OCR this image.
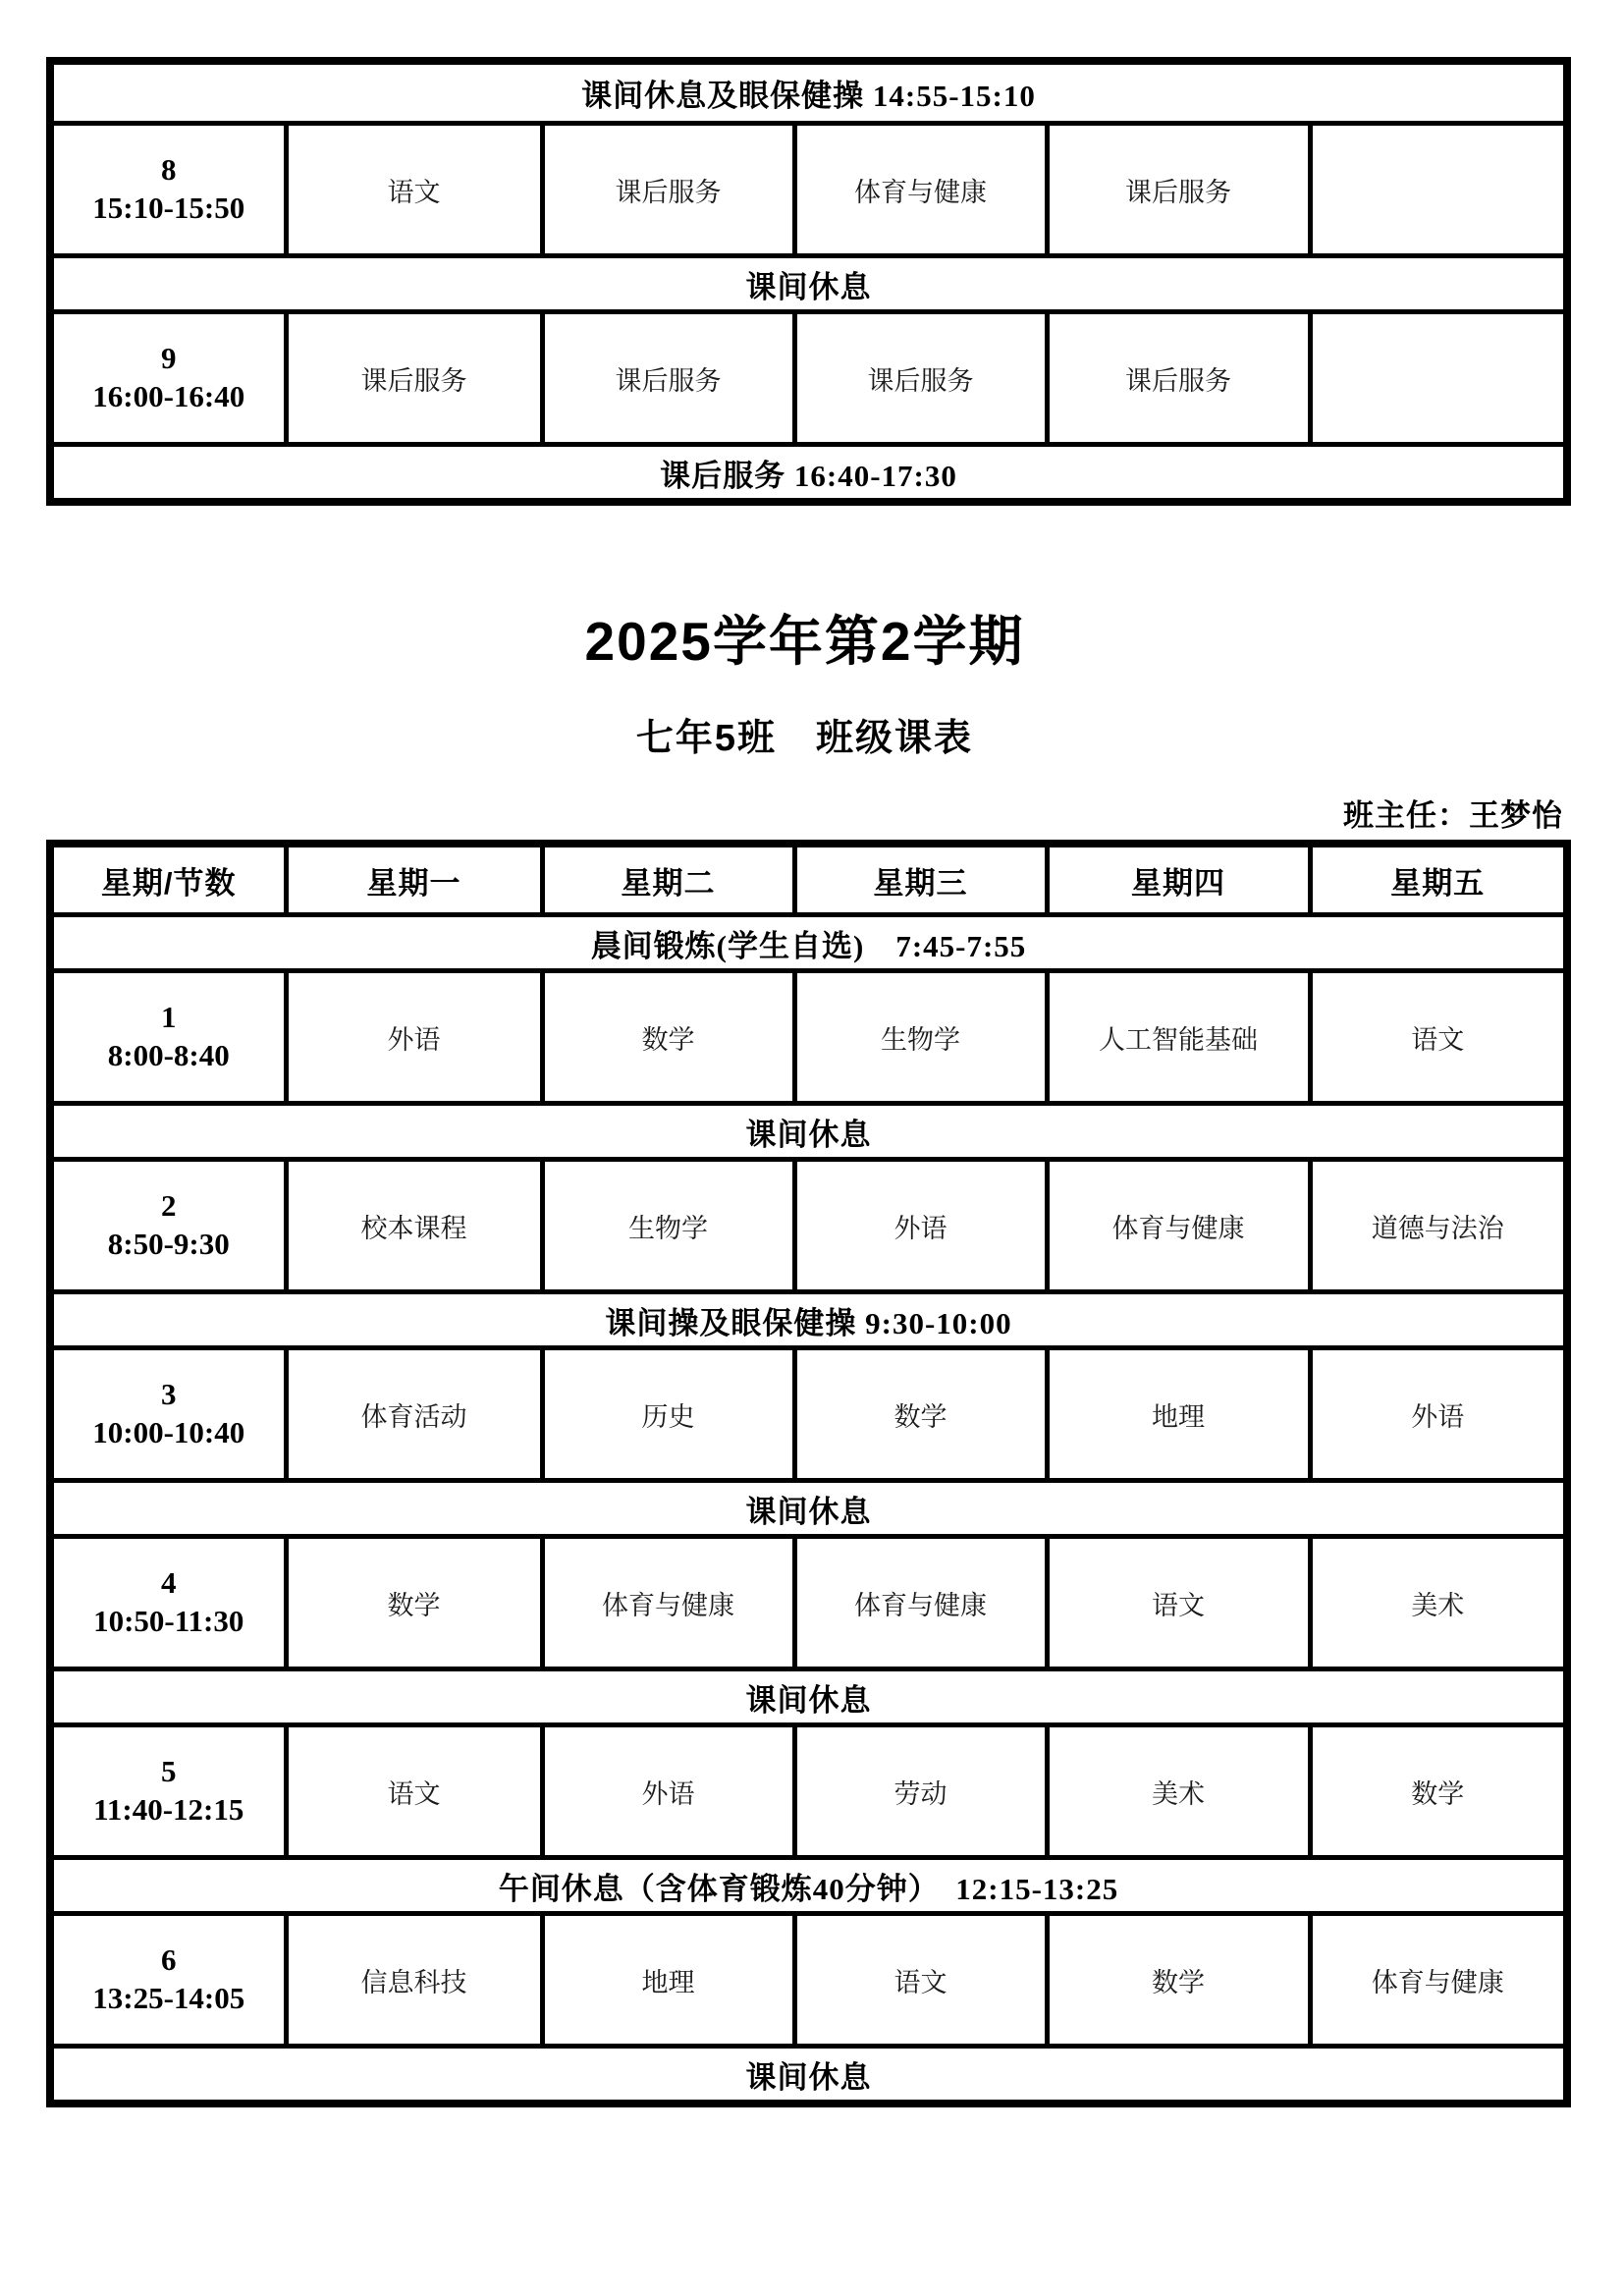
课间休息及眼保健操 14:55-15:10					

8
15:10-15:50	语文	课后服务	体育与健康	课后服务	
课间休息					

9
16:00-16:40	课后服务	课后服务	课后服务	课后服务	
课后服务 16:40-17:30					
2025学年第2学期
七年5班　班级课表
班主任：王梦怡
星期/节数	星期一	星期二	星期三	星期四	星期五
晨间锻炼(学生自选)　7:45-7:55					

1
8:00-8:40	外语	数学	生物学	人工智能基础	语文
课间休息					

2
8:50-9:30	校本课程	生物学	外语	体育与健康	道德与法治
课间操及眼保健操 9:30-10:00					

3
10:00-10:40	体育活动	历史	数学	地理	外语
课间休息					

4
10:50-11:30	数学	体育与健康	体育与健康	语文	美术
课间休息					

5
11:40-12:15	语文	外语	劳动	美术	数学
午间休息（含体育锻炼40分钟）　12:15-13:25					

6
13:25-14:05	信息科技	地理	语文	数学	体育与健康
课间休息					
